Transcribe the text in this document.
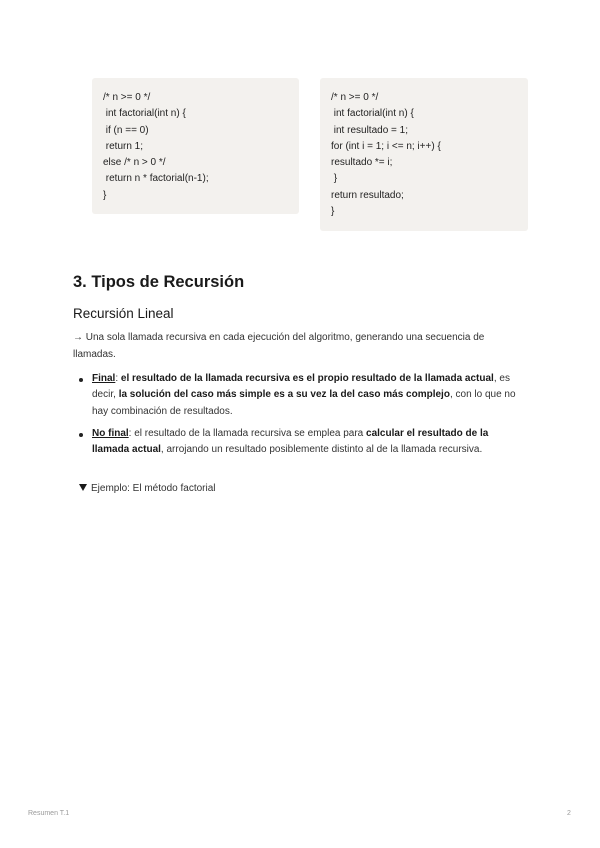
/* n >= 0 */
int factorial(int n) {
if (n == 0)
return 1;
else /* n > 0 */
return n * factorial(n-1);
}
/* n >= 0 */
int factorial(int n) {
int resultado = 1;
for (int i = 1; i <= n; i++) {
resultado *= i;
}
return resultado;
}
3. Tipos de Recursión
Recursión Lineal

→ Una sola llamada recursiva en cada ejecución del algoritmo, generando una secuencia de llamadas.

Final: el resultado de la llamada recursiva es el propio resultado de la llamada actual, es decir, la solución del caso más simple es a su vez la del caso más complejo, con lo que no hay combinación de resultados.
No final: el resultado de la llamada recursiva se emplea para calcular el resultado de la llamada actual, arrojando un resultado posiblemente distinto al de la llamada recursiva.
Ejemplo: El método factorial
Resumen T.1	2
